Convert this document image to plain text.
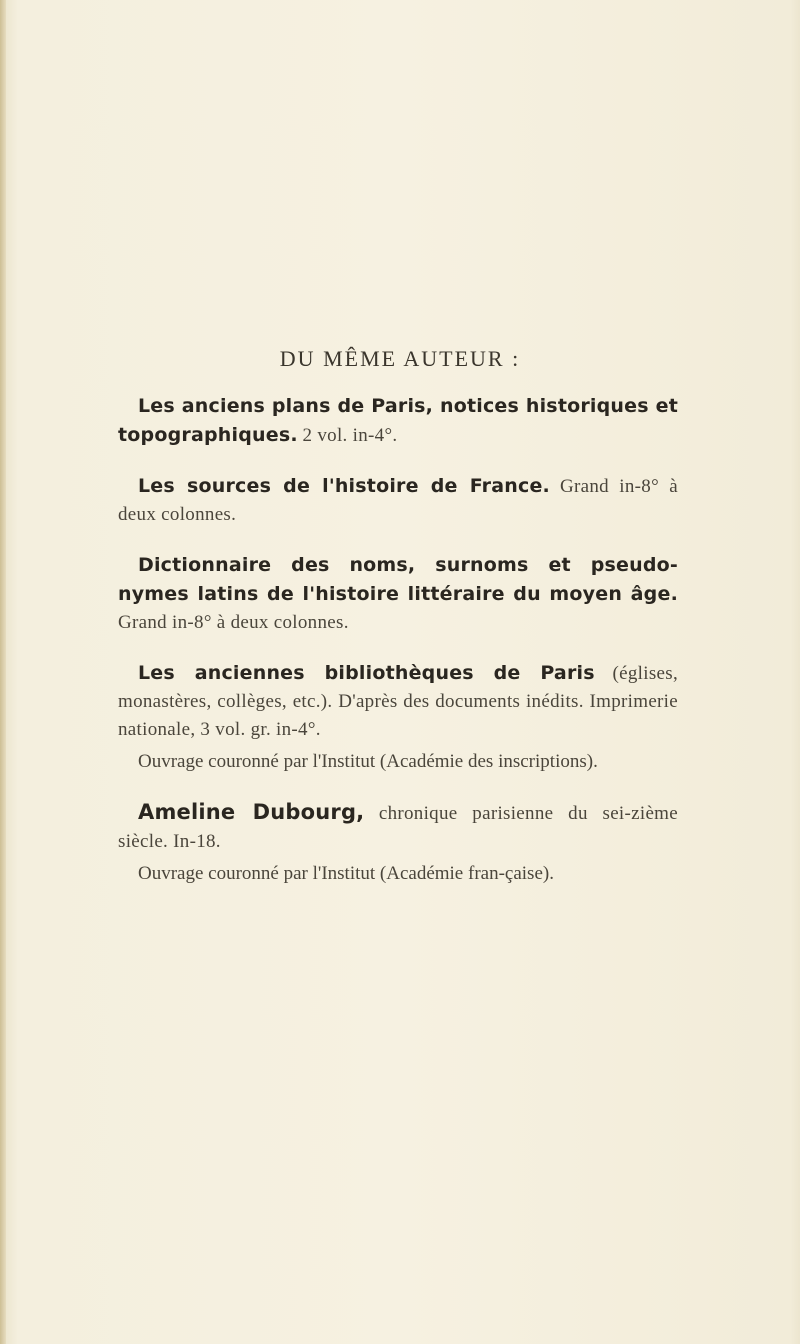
DU MÊME AUTEUR :

Les anciens plans de Paris, notices historiques et topographiques. 2 vol. in-4°.

Les sources de l'histoire de France. Grand in-8° à deux colonnes.

Dictionnaire des noms, surnoms et pseudo-nymes latins de l'histoire littéraire du moyen âge. Grand in-8° à deux colonnes.

Les anciennes bibliothèques de Paris (églises, monastères, collèges, etc.). D'après des documents inédits. Imprimerie nationale, 3 vol. gr. in-4°.

Ouvrage couronné par l'Institut (Académie des inscriptions).

Ameline Dubourg, chronique parisienne du sei-zième siècle. In-18.

Ouvrage couronné par l'Institut (Académie fran-çaise).
